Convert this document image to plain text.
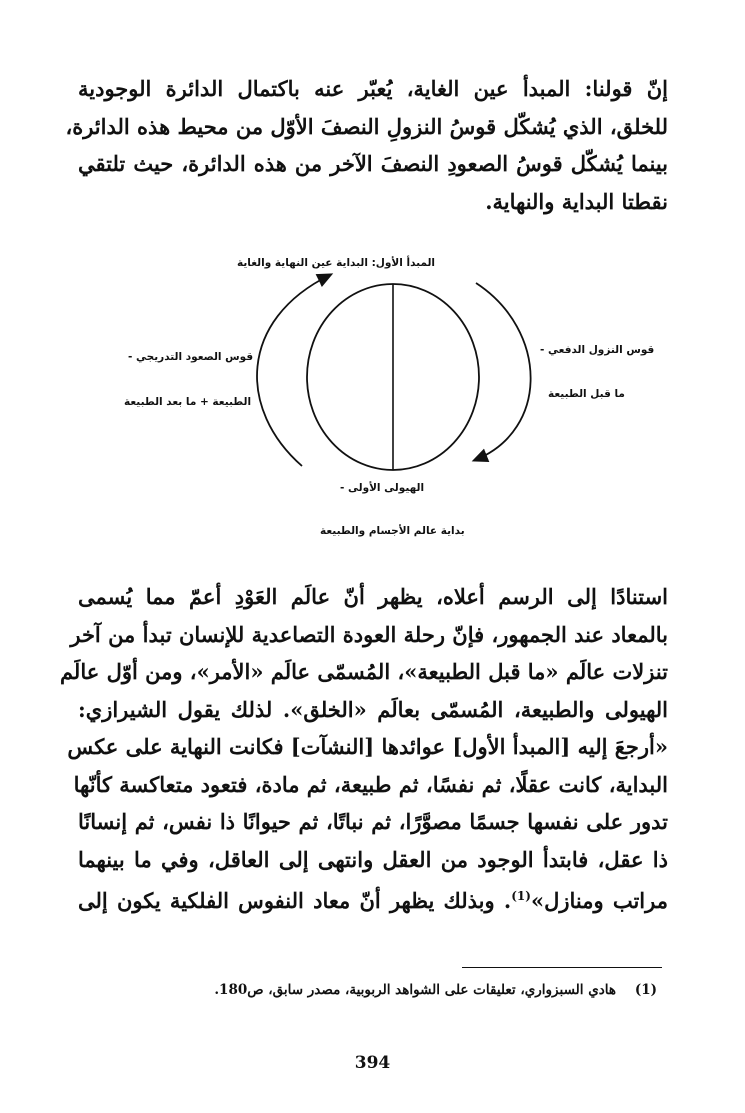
إنّ قولنا: المبدأ عين الغاية، يُعبّر عنه باكتمال الدائرة الوجودية
للخلق، الذي يُشكّل قوسُ النزولِ النصفَ الأوّل من محيط هذه الدائرة،
بينما يُشكّل قوسُ الصعودِ النصفَ الآخر من هذه الدائرة، حيث تلتقي
نقطتا البداية والنهاية.
المبدأ الأول: البداية عين النهاية والغاية
قوس الصعود التدريجي -
الطبيعة + ما بعد الطبيعة
قوس النزول الدفعي -
ما قبل الطبيعة
الهيولى الأولى -
بداية عالم الأجسام والطبيعة
استنادًا إلى الرسم أعلاه، يظهر أنّ عالَم العَوْدِ أعمّ مما يُسمى
بالمعاد عند الجمهور، فإنّ رحلة العودة التصاعدية للإنسان تبدأ من آخر
تنزلات عالَم «ما قبل الطبيعة»، المُسمّى عالَم «الأمر»، ومن أوّل عالَم
الهيولى والطبيعة، المُسمّى بعالَم «الخلق». لذلك يقول الشيرازي:
«أرجعَ إليه [المبدأ الأول] عوائدها [النشآت] فكانت النهاية على عكس
البداية، كانت عقلًا، ثم نفسًا، ثم طبيعة، ثم مادة، فتعود متعاكسة كأنّها
تدور على نفسها جسمًا مصوَّرًا، ثم نباتًا، ثم حيوانًا ذا نفس، ثم إنسانًا
ذا عقل، فابتدأ الوجود من العقل وانتهى إلى العاقل، وفي ما بينهما
مراتب ومنازل»$^{(1)}$. وبذلك يظهر أنّ معاد النفوس الفلكية يكون إلى
(1)    هادي السبزواري، تعليقات على الشواهد الربوبية، مصدر سابق، ص180.
394
